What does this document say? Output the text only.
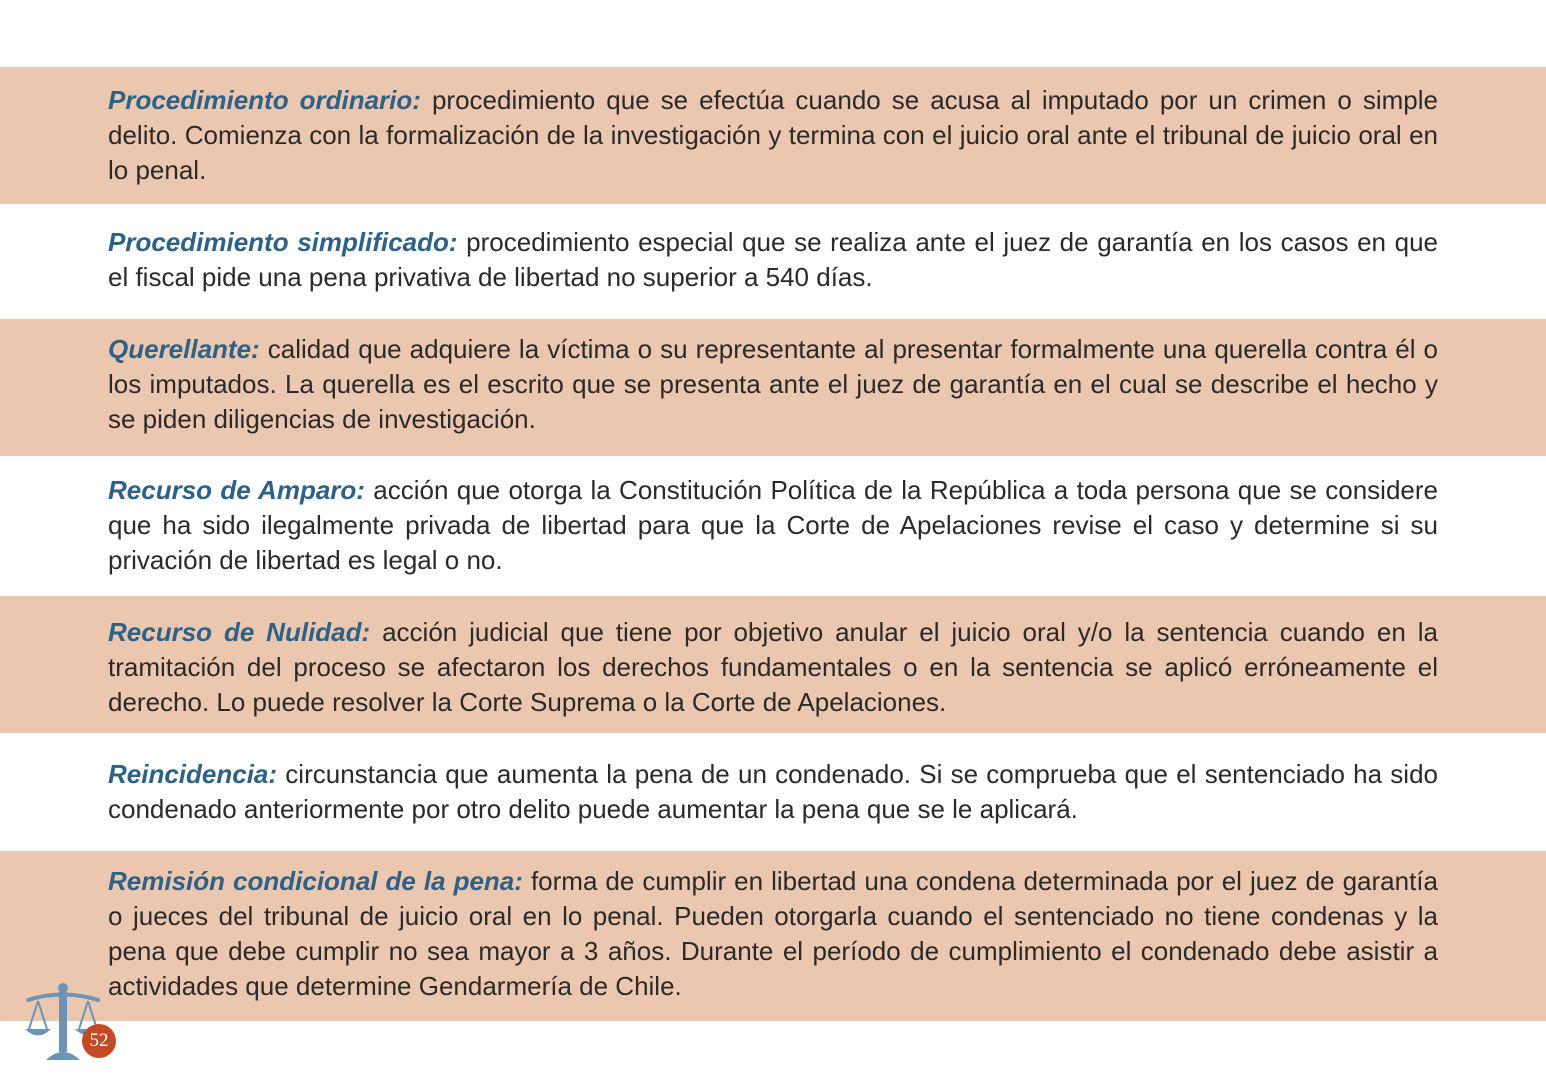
Procedimiento ordinario: procedimiento que se efectúa cuando se acusa al imputado por un crimen o simple delito. Comienza con la formalización de la investigación y termina con el juicio oral ante el tribunal de juicio oral en lo penal.

Procedimiento simplificado: procedimiento especial que se realiza ante el juez de garantía en los casos en que el fiscal pide una pena privativa de libertad no superior a 540 días.

Querellante: calidad que adquiere la víctima o su representante al presentar formalmente una querella contra él o los imputados. La querella es el escrito que se presenta ante el juez de garantía en el cual se describe el hecho y se piden diligencias de investigación.

Recurso de Amparo: acción que otorga la Constitución Política de la República a toda persona que se considere que ha sido ilegalmente privada de libertad para que la Corte de Apelaciones revise el caso y determine si su privación de libertad es legal o no.

Recurso de Nulidad: acción judicial que tiene por objetivo anular el juicio oral y/o la sentencia cuando en la tramitación del proceso se afectaron los derechos fundamentales o en la sentencia se aplicó erróneamente el derecho. Lo puede resolver la Corte Suprema o la Corte de Apelaciones.

Reincidencia: circunstancia que aumenta la pena de un condenado. Si se comprueba que el sentenciado ha sido condenado anteriormente por otro delito puede aumentar la pena que se le aplicará.

Remisión condicional de la pena: forma de cumplir en libertad una condena determinada por el juez de garantía o jueces del tribunal de juicio oral en lo penal. Pueden otorgarla cuando el sentenciado no tiene condenas y la pena que debe cumplir no sea mayor a 3 años. Durante el período de cumplimiento el condenado debe asistir a actividades que determine Gendarmería de Chile.

52
